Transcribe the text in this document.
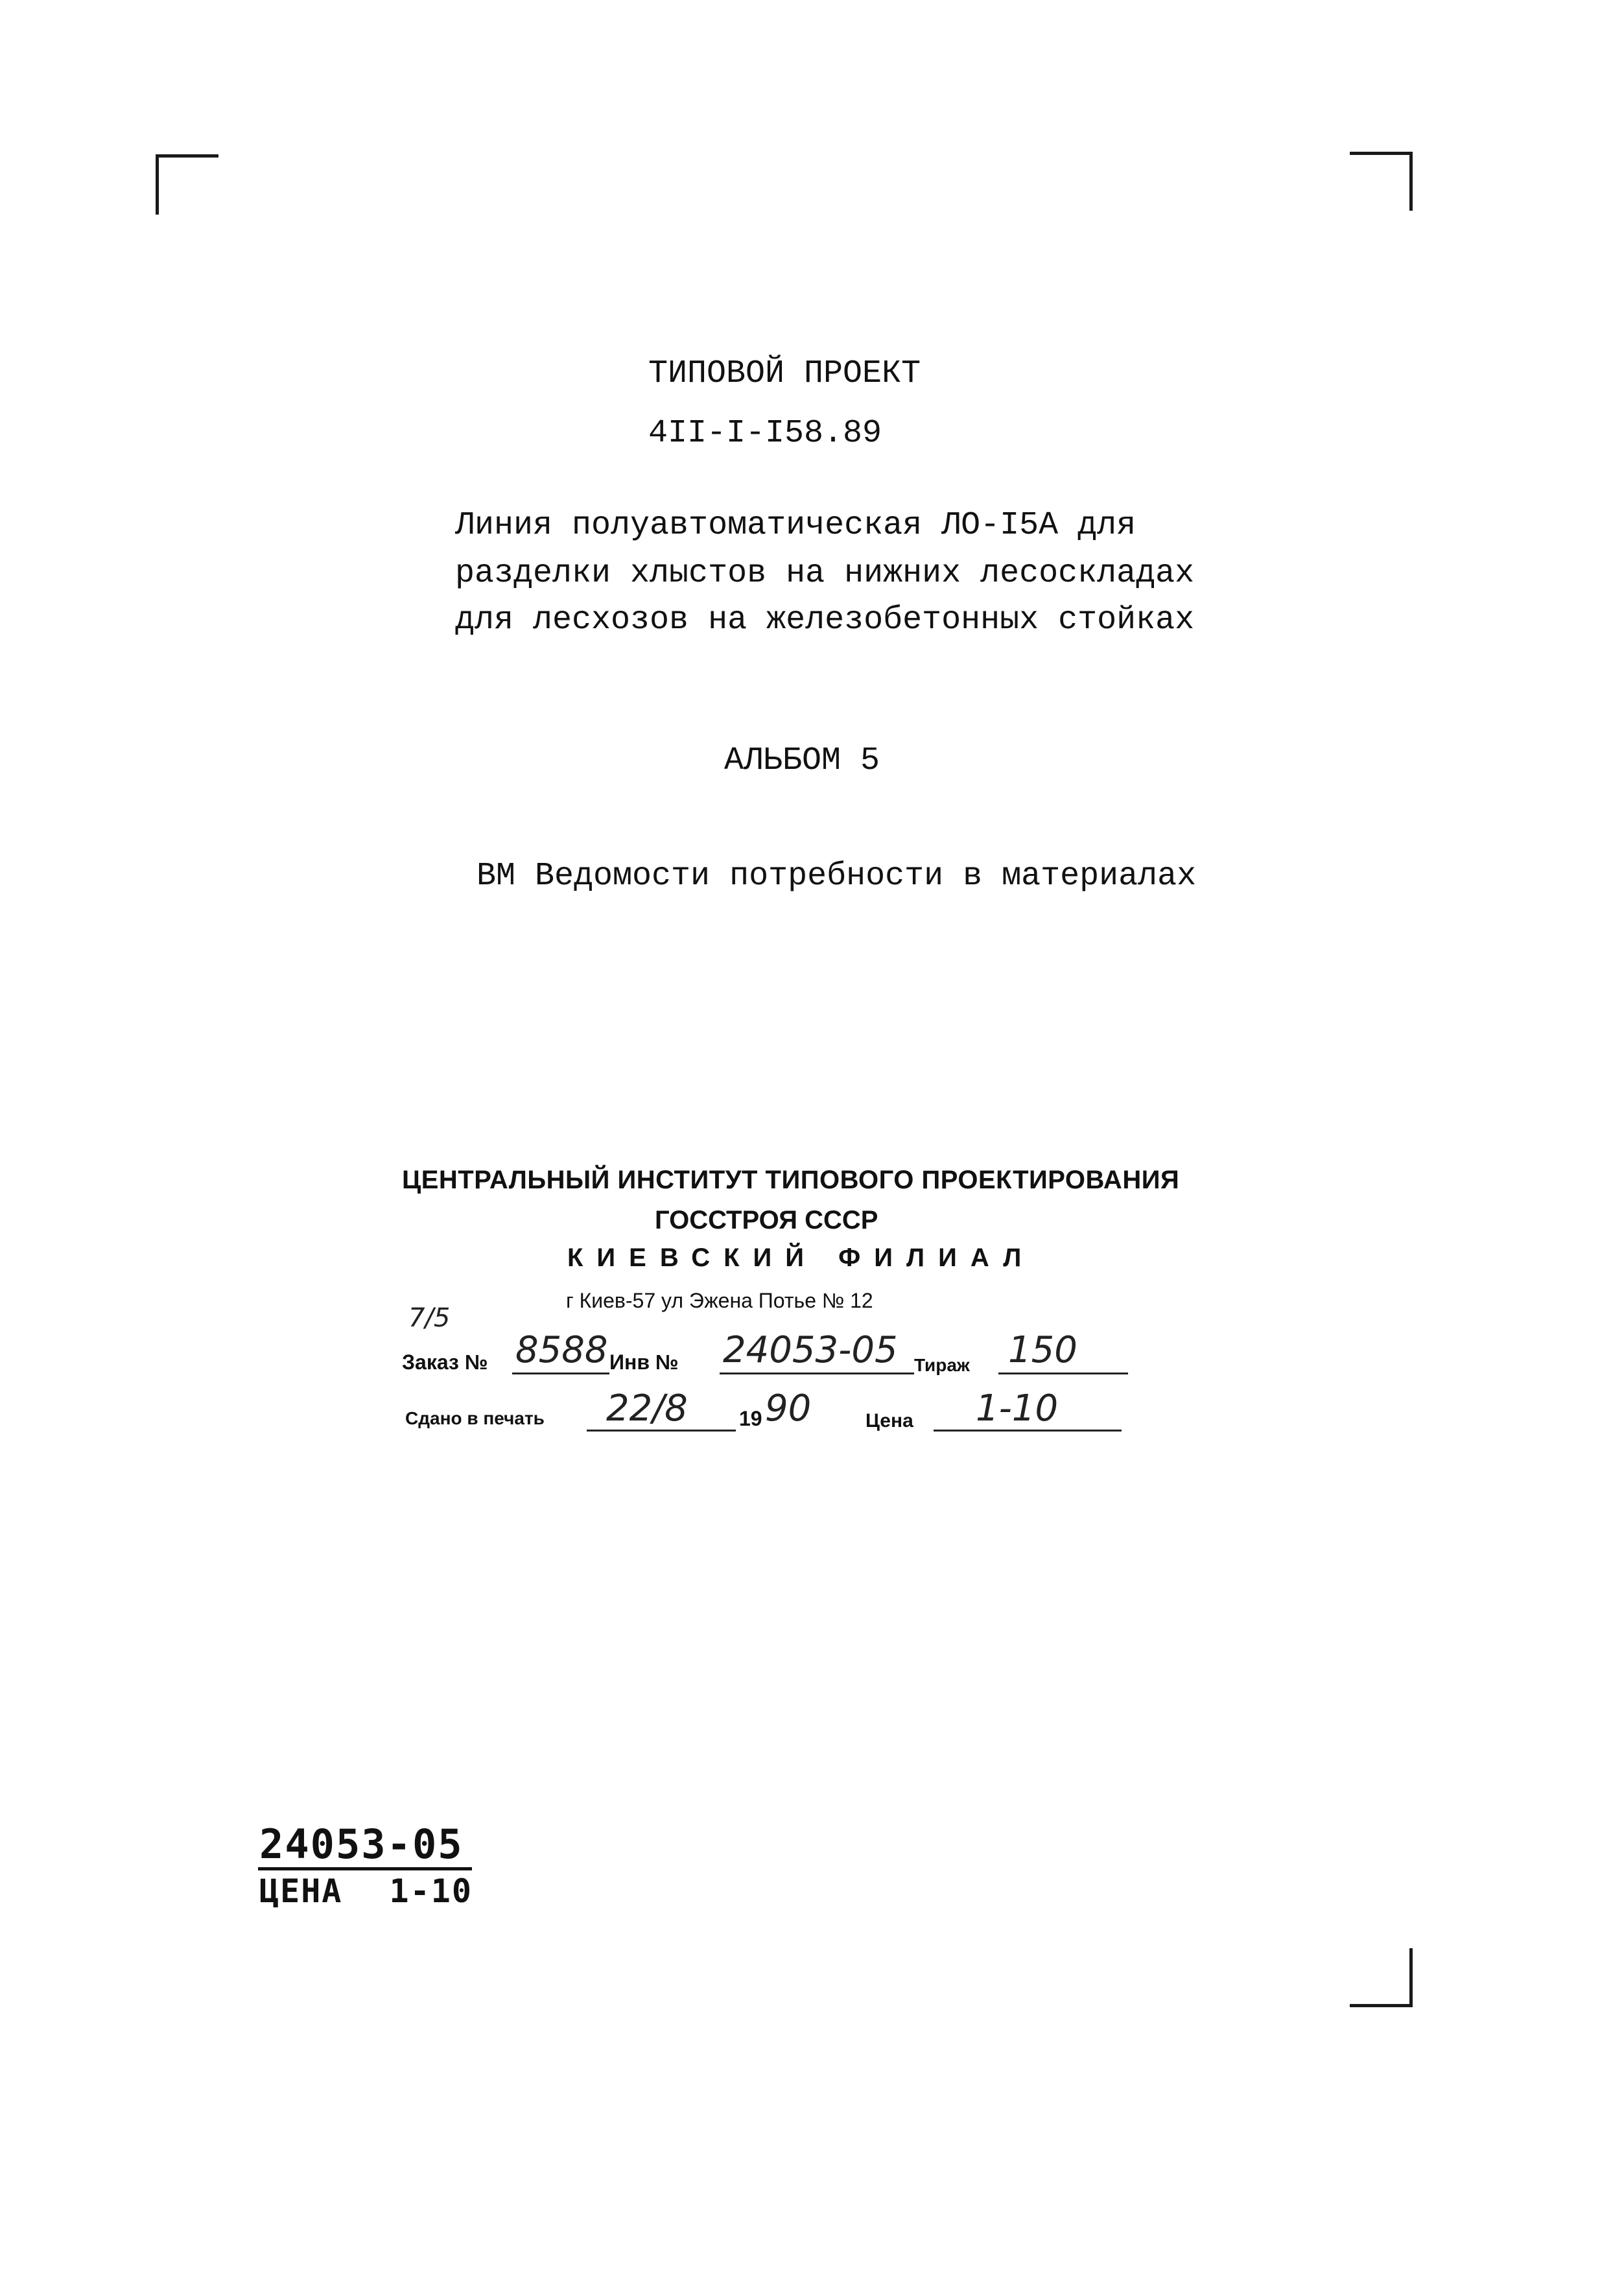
ТИПОВОЙ ПРОЕКТ
4II-I-I58.89
Линия полуавтоматическая ЛО-I5А для
разделки хлыстов на нижних лесоскладах
для лесхозов на железобетонных стойках
АЛЬБОМ 5
ВМ Ведомости потребности в материалах
ЦЕНТРАЛЬНЫЙ ИНСТИТУТ ТИПОВОГО ПРОЕКТИРОВАНИЯ
ГОССТРОЯ СССР
КИЕВСКИЙ ФИЛИАЛ
г Киев-57 ул Эжена Потье № 12
7/5
Заказ № 8588 Инв № 24053-05 Тираж 150
Сдано в печать 22/8 19 90	Цена 1-10
24053-05
ЦЕНА 1-10
